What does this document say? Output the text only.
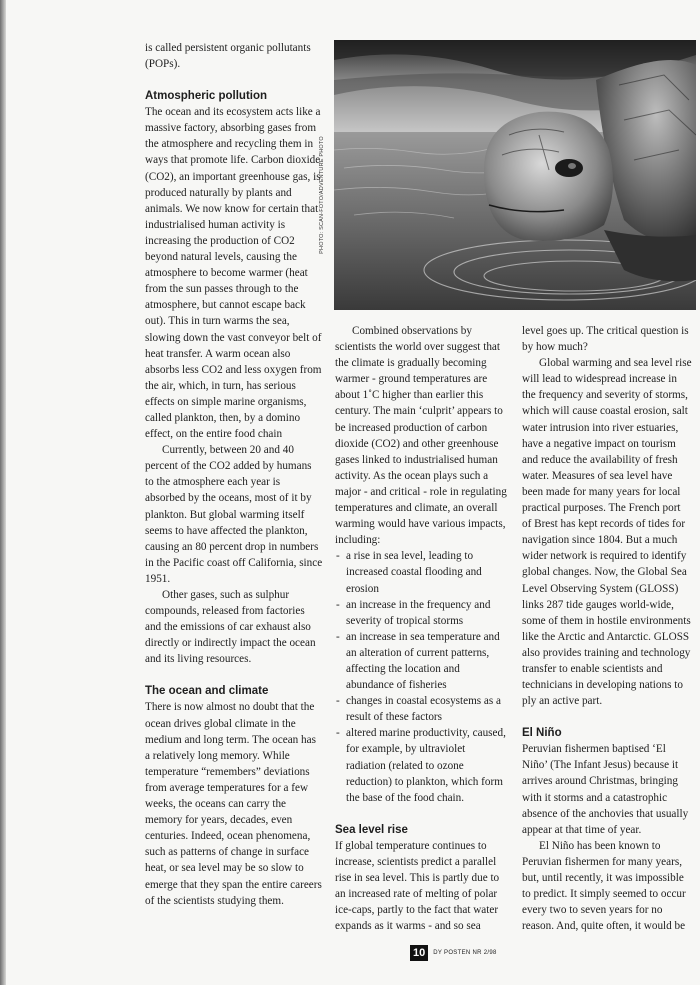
is called persistent organic pollutants (POPs).

Atmospheric pollution

The ocean and its ecosystem acts like a massive factory, absorbing gases from the atmosphere and recycling them in ways that promote life. Carbon dioxide (CO2), an important greenhouse gas, is produced naturally by plants and animals. We now know for certain that industrialised human activity is increasing the production of CO2 beyond natural levels, causing the atmosphere to become warmer (heat from the sun passes through to the atmosphere, but cannot escape back out). This in turn warms the sea, slowing down the vast conveyor belt of heat transfer. A warm ocean also absorbs less CO2 and less oxygen from the air, which, in turn, has serious effects on simple marine organisms, called plankton, then, by a domino effect, on the entire food chain

Currently, between 20 and 40 percent of the CO2 added by humans to the atmosphere each year is absorbed by the oceans, most of it by plankton. But global warming itself seems to have affected the plankton, causing an 80 percent drop in numbers in the Pacific coast off California, since 1951.

Other gases, such as sulphur compounds, released from factories and the emissions of car exhaust also directly or indirectly impact the ocean and its living resources.

The ocean and climate

There is now almost no doubt that the ocean drives global climate in the medium and long term. The ocean has a relatively long memory. While temperature “remembers” deviations from average temperatures for a few weeks, the oceans can carry the memory for years, decades, even centuries. Indeed, ocean phenomena, such as patterns of change in surface heat, or sea level may be so slow to emerge that they span the entire careers of the scientists studying them.

PHOTO: SCAN-FOTO/ADVENTURE PHOTO

Combined observations by scientists the world over suggest that the climate is gradually becoming warmer - ground temperatures are about 1˚C higher than earlier this century. The main ‘culprit’ appears to be increased production of carbon dioxide (CO2) and other greenhouse gases linked to industrialised human activity. As the ocean plays such a major - and critical - role in regulating temperatures and climate, an overall warming would have various impacts, including:

- a rise in sea level, leading to increased coastal flooding and erosion
- an increase in the frequency and severity of tropical storms
- an increase in sea temperature and an alteration of current patterns, affecting the location and abundance of fisheries
- changes in coastal ecosystems as a result of these factors
- altered marine productivity, caused, for example, by ultraviolet radiation (related to ozone reduction) to plankton, which form the base of the food chain.
Sea level rise

If global temperature continues to increase, scientists predict a parallel rise in sea level. This is partly due to an increased rate of melting of polar ice-caps, partly to the fact that water expands as it warms - and so sea

level goes up. The critical question is by how much?

Global warming and sea level rise will lead to widespread increase in the frequency and severity of storms, which will cause coastal erosion, salt water intrusion into river estuaries, have a negative impact on tourism and reduce the availability of fresh water. Measures of sea level have been made for many years for local practical purposes. The French port of Brest has kept records of tides for navigation since 1804. But a much wider network is required to identify global changes. Now, the Global Sea Level Observing System (GLOSS) links 287 tide gauges world-wide, some of them in hostile environments like the Arctic and Antarctic. GLOSS also provides training and technology transfer to enable scientists and technicians in developing nations to ply an active part.

El Niño

Peruvian fishermen baptised ‘El Niño’ (The Infant Jesus) because it arrives around Christmas, bringing with it storms and a catastrophic absence of the anchovies that usually appear at that time of year.

El Niño has been known to Peruvian fishermen for many years, but, until recently, it was impossible to predict. It simply seemed to occur every two to seven years for no reason. And, quite often, it would be

10	DY POSTEN NR 2/98
